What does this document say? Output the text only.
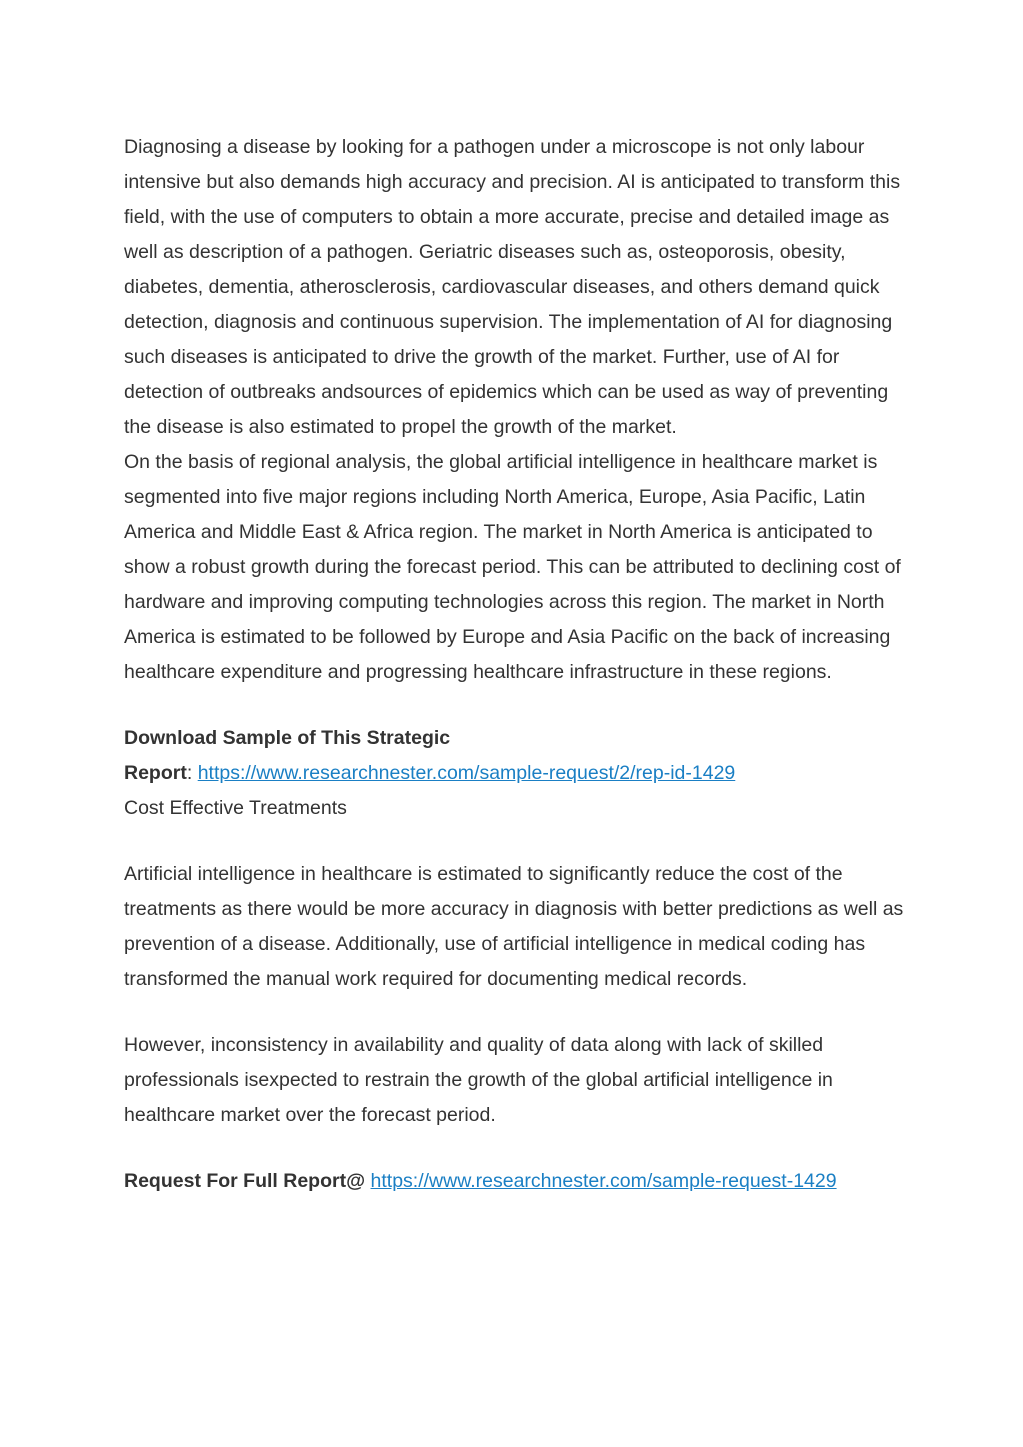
Diagnosing a disease by looking for a pathogen under a microscope is not only labour intensive but also demands high accuracy and precision. AI is anticipated to transform this field, with the use of computers to obtain a more accurate, precise and detailed image as well as description of a pathogen. Geriatric diseases such as, osteoporosis, obesity, diabetes, dementia, atherosclerosis, cardiovascular diseases, and others demand quick detection, diagnosis and continuous supervision. The implementation of AI for diagnosing such diseases is anticipated to drive the growth of the market. Further, use of AI for detection of outbreaks andsources of epidemics which can be used as way of preventing the disease is also estimated to propel the growth of the market.

On the basis of regional analysis, the global artificial intelligence in healthcare market is segmented into five major regions including North America, Europe, Asia Pacific, Latin America and Middle East & Africa region. The market in North America is anticipated to show a robust growth during the forecast period. This can be attributed to declining cost of hardware and improving computing technologies across this region. The market in North America is estimated to be followed by Europe and Asia Pacific on the back of increasing healthcare expenditure and progressing healthcare infrastructure in these regions.

Download Sample of This Strategic

Report: https://www.researchnester.com/sample-request/2/rep-id-1429

Cost Effective Treatments

Artificial intelligence in healthcare is estimated to significantly reduce the cost of the treatments as there would be more accuracy in diagnosis with better predictions as well as prevention of a disease. Additionally, use of artificial intelligence in medical coding has transformed the manual work required for documenting medical records.

However, inconsistency in availability and quality of data along with lack of skilled professionals isexpected to restrain the growth of the global artificial intelligence in healthcare market over the forecast period.

Request For Full Report@ https://www.researchnester.com/sample-request-1429
